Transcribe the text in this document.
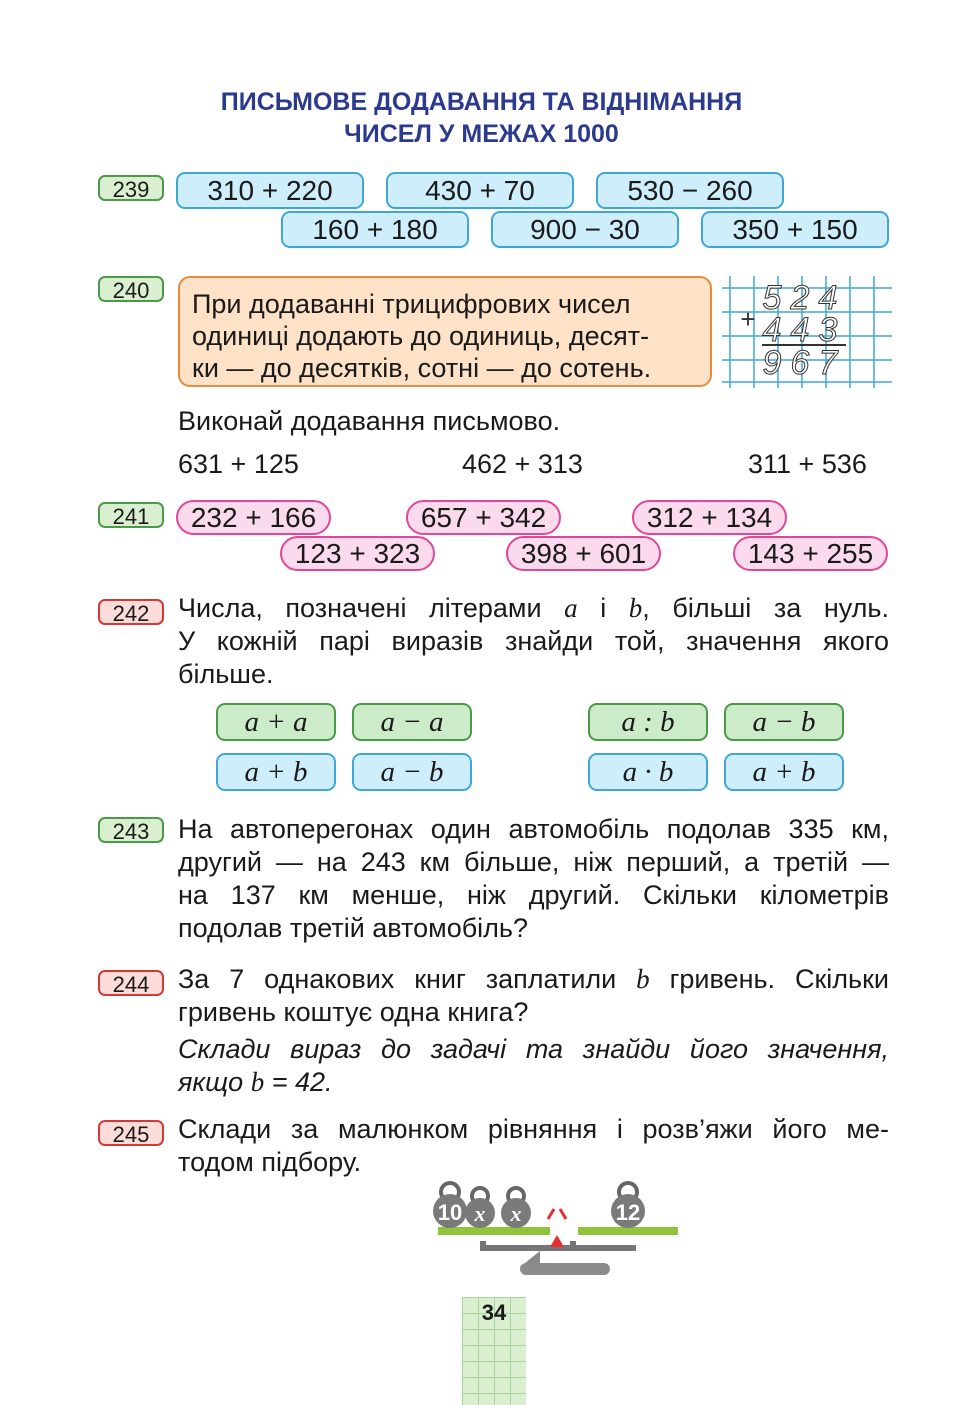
ПИСЬМОВЕ ДОДАВАННЯ ТА ВІДНІМАННЯ
ЧИСЕЛ У МЕЖАХ 1000
239	310 + 220	430 + 70	530 − 260
160 + 180	900 − 30	350 + 150
240	При додаванні трицифрових чисел
одиниці додають до одиниць, десят-
ки — до десятків, сотні — до сотень.
5 2 4
4 4 3
9 6 7
+
Виконай додавання письмово.
631 + 125	462 + 313	311 + 536
241	232 + 166	657 + 342	312 + 134
123 + 323	398 + 601	143 + 255
242	Числа, позначені літерами a і b, більші за нуль.
У кожній парі виразів знайди той, значення якого
більше.
a + a	a − a
a + b	a − b
a : b	a − b
a · b	a + b
243	На автоперегонах один автомобіль подолав 335 км,
другий — на 243 км більше, ніж перший, а третій —
на 137 км менше, ніж другий. Скільки кілометрів
подолав третій автомобіль?
244	За 7 однакових книг заплатили b гривень. Скільки
гривень коштує одна книга?
Склади вираз до задачі та знайди його значення,
якщо b = 42.
245	Склади за малюнком рівняння і розв’яжи його ме-
тодом підбору.
10 x x	12
34
